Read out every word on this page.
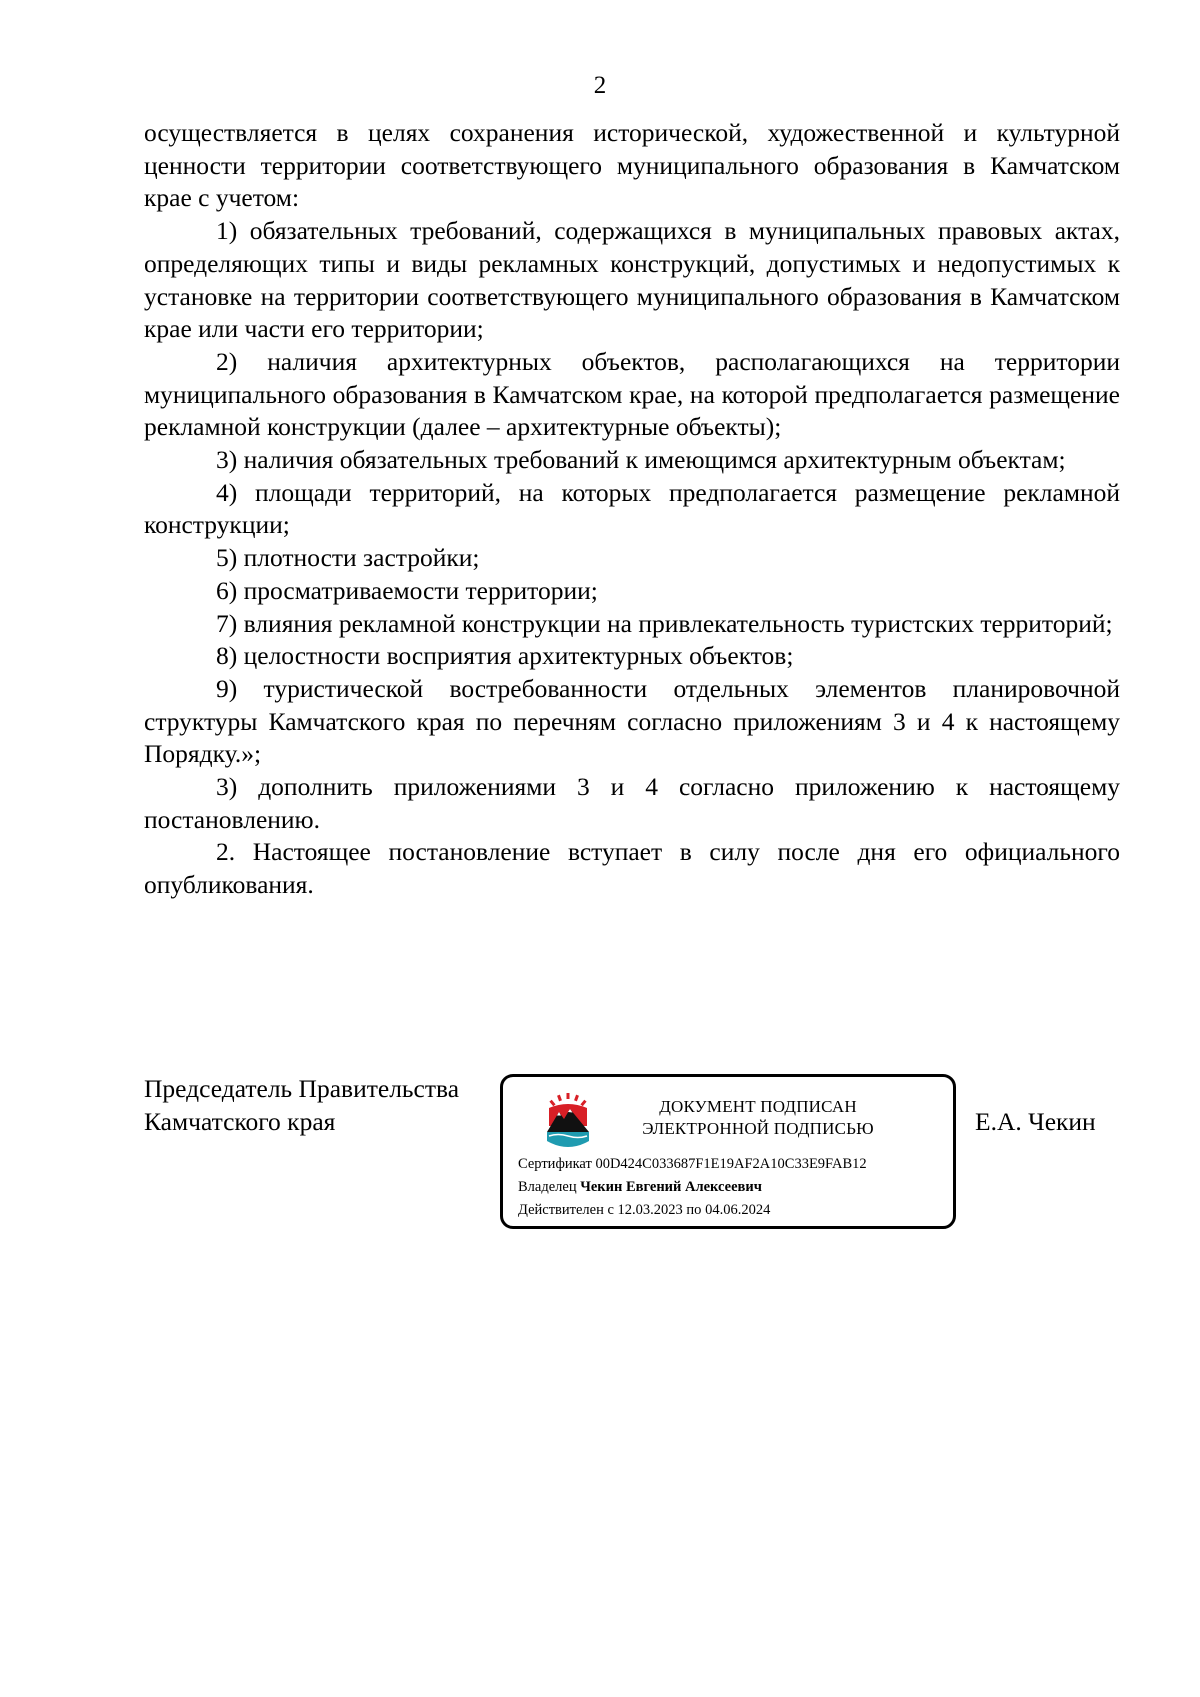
2

осуществляется в целях сохранения исторической, художественной и культурной ценности территории соответствующего муниципального образования в Камчатском крае с учетом:

1) обязательных требований, содержащихся в муниципальных правовых актах, определяющих типы и виды рекламных конструкций, допустимых и недопустимых к установке на территории соответствующего муниципального образования в Камчатском крае или части его территории;

2) наличия архитектурных объектов, располагающихся на территории муниципального образования в Камчатском крае, на которой предполагается размещение рекламной конструкции (далее – архитектурные объекты);

3) наличия обязательных требований к имеющимся архитектурным объектам;

4) площади территорий, на которых предполагается размещение рекламной конструкции;

5) плотности застройки;

6) просматриваемости территории;

7) влияния рекламной конструкции на привлекательность туристских территорий;

8) целостности восприятия архитектурных объектов;

9) туристической востребованности отдельных элементов планировочной структуры Камчатского края по перечням согласно приложениям 3 и 4 к настоящему Порядку.»;

3) дополнить приложениями 3 и 4 согласно приложению к настоящему постановлению.

2. Настоящее постановление вступает в силу после дня его официального опубликования.

Председатель Правительства
Камчатского края
ДОКУМЕНТ ПОДПИСАН
ЭЛЕКТРОННОЙ ПОДПИСЬЮ
Сертификат 00D424C033687F1E19AF2A10C33E9FAB12
Владелец Чекин Евгений Алексеевич
Действителен с 12.03.2023 по 04.06.2024
Е.А. Чекин
